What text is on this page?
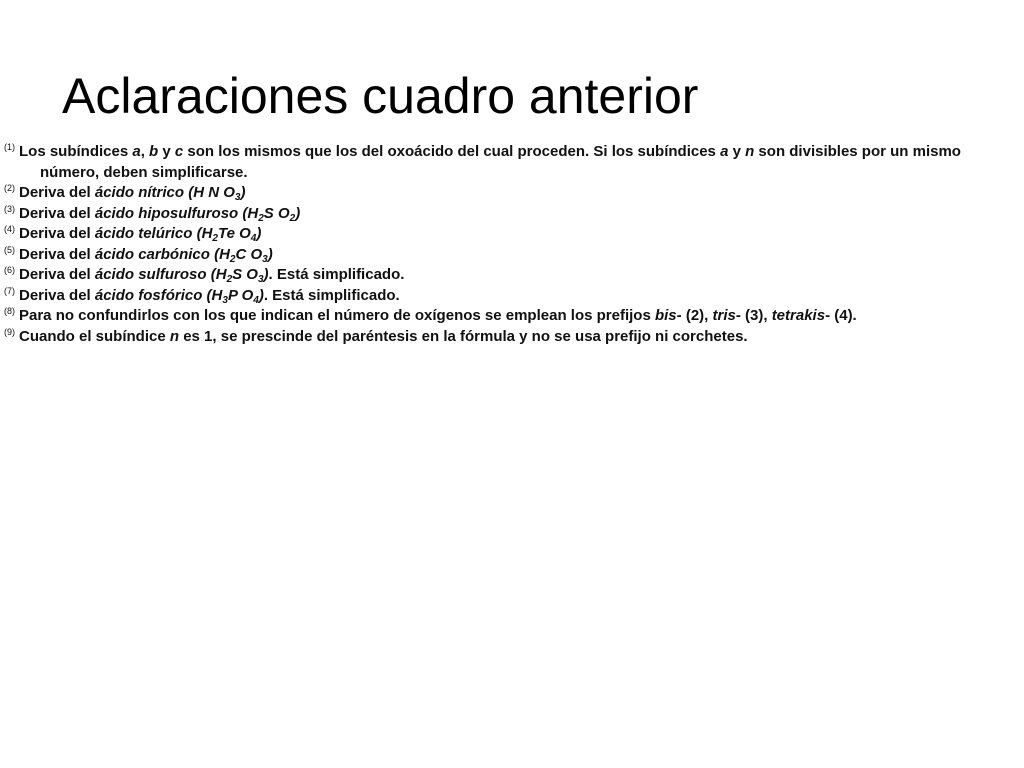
Aclaraciones cuadro anterior
$^{(1)}$ Los subíndices a, b y c son los mismos que los del oxoácido del cual proceden. Si los subíndices a y n son divisibles por un mismo número, deben simplificarse.
$^{(2)}$ Deriva del ácido nítrico (H N $O_3$)
$^{(3)}$ Deriva del ácido hiposulfuroso ($H_2S$ $O_2$)
$^{(4)}$ Deriva del ácido telúrico ($H_2Te$ $O_4$)
$^{(5)}$ Deriva del ácido carbónico ($H_2C$ $O_3$)
$^{(6)}$ Deriva del ácido sulfuroso ($H_2S$ $O_3$). Está simplificado.
$^{(7)}$ Deriva del ácido fosfórico ($H_3P$ $O_4$). Está simplificado.
$^{(8)}$ Para no confundirlos con los que indican el número de oxígenos se emplean los prefijos bis- (2), tris- (3), tetrakis- (4).
$^{(9)}$ Cuando el subíndice n es 1, se prescinde del paréntesis en la fórmula y no se usa prefijo ni corchetes.
